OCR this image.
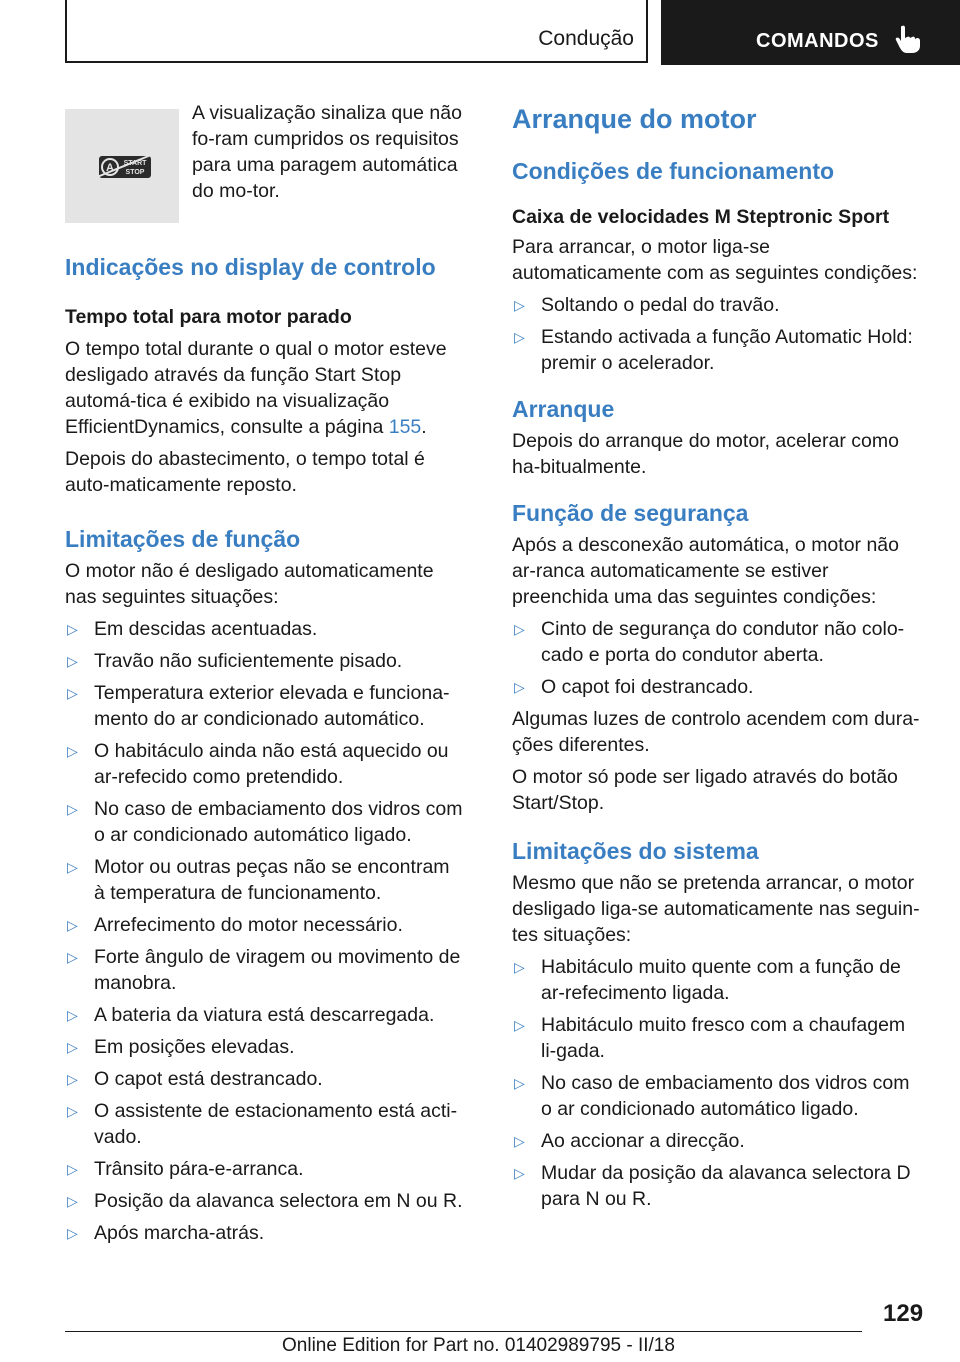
Condução	COMANDOS
A START
STOP
A visualização sinaliza que não fo-ram cumpridos os requisitos para uma paragem automática do mo-tor.
Indicações no display de controlo
Tempo total para motor parado

O tempo total durante o qual o motor esteve desligado através da função Start Stop automá-tica é exibido na visualização EfficientDynamics, consulte a página 155.

Depois do abastecimento, o tempo total é auto-maticamente reposto.

Limitações de função

O motor não é desligado automaticamente nas seguintes situações:

▷ Em descidas acentuadas.
▷ Travão não suficientemente pisado.
▷ Temperatura exterior elevada e funciona-mento do ar condicionado automático.
▷ O habitáculo ainda não está aquecido ou ar-refecido como pretendido.
▷ No caso de embaciamento dos vidros com o ar condicionado automático ligado.
▷ Motor ou outras peças não se encontram à temperatura de funcionamento.
▷ Arrefecimento do motor necessário.
▷ Forte ângulo de viragem ou movimento de manobra.
▷ A bateria da viatura está descarregada.
▷ Em posições elevadas.
▷ O capot está destrancado.
▷ O assistente de estacionamento está acti-vado.
▷ Trânsito pára-e-arranca.
▷ Posição da alavanca selectora em N ou R.
▷ Após marcha-atrás.
Arranque do motor
Condições de funcionamento
Caixa de velocidades M Steptronic Sport

Para arrancar, o motor liga-se automaticamente com as seguintes condições:

▷ Soltando o pedal do travão.
▷ Estando activada a função Automatic Hold: premir o acelerador.
Arranque

Depois do arranque do motor, acelerar como ha-bitualmente.

Função de segurança

Após a desconexão automática, o motor não ar-ranca automaticamente se estiver preenchida uma das seguintes condições:

▷ Cinto de segurança do condutor não colo-cado e porta do condutor aberta.
▷ O capot foi destrancado.

Algumas luzes de controlo acendem com dura-ções diferentes.

O motor só pode ser ligado através do botão Start/Stop.

Limitações do sistema

Mesmo que não se pretenda arrancar, o motor desligado liga-se automaticamente nas seguin-tes situações:

▷ Habitáculo muito quente com a função de ar-refecimento ligada.
▷ Habitáculo muito fresco com a chaufagem li-gada.
▷ No caso de embaciamento dos vidros com o ar condicionado automático ligado.
▷ Ao accionar a direcção.
▷ Mudar da posição da alavanca selectora D para N ou R.
129
Online Edition for Part no. 01402989795 - II/18
